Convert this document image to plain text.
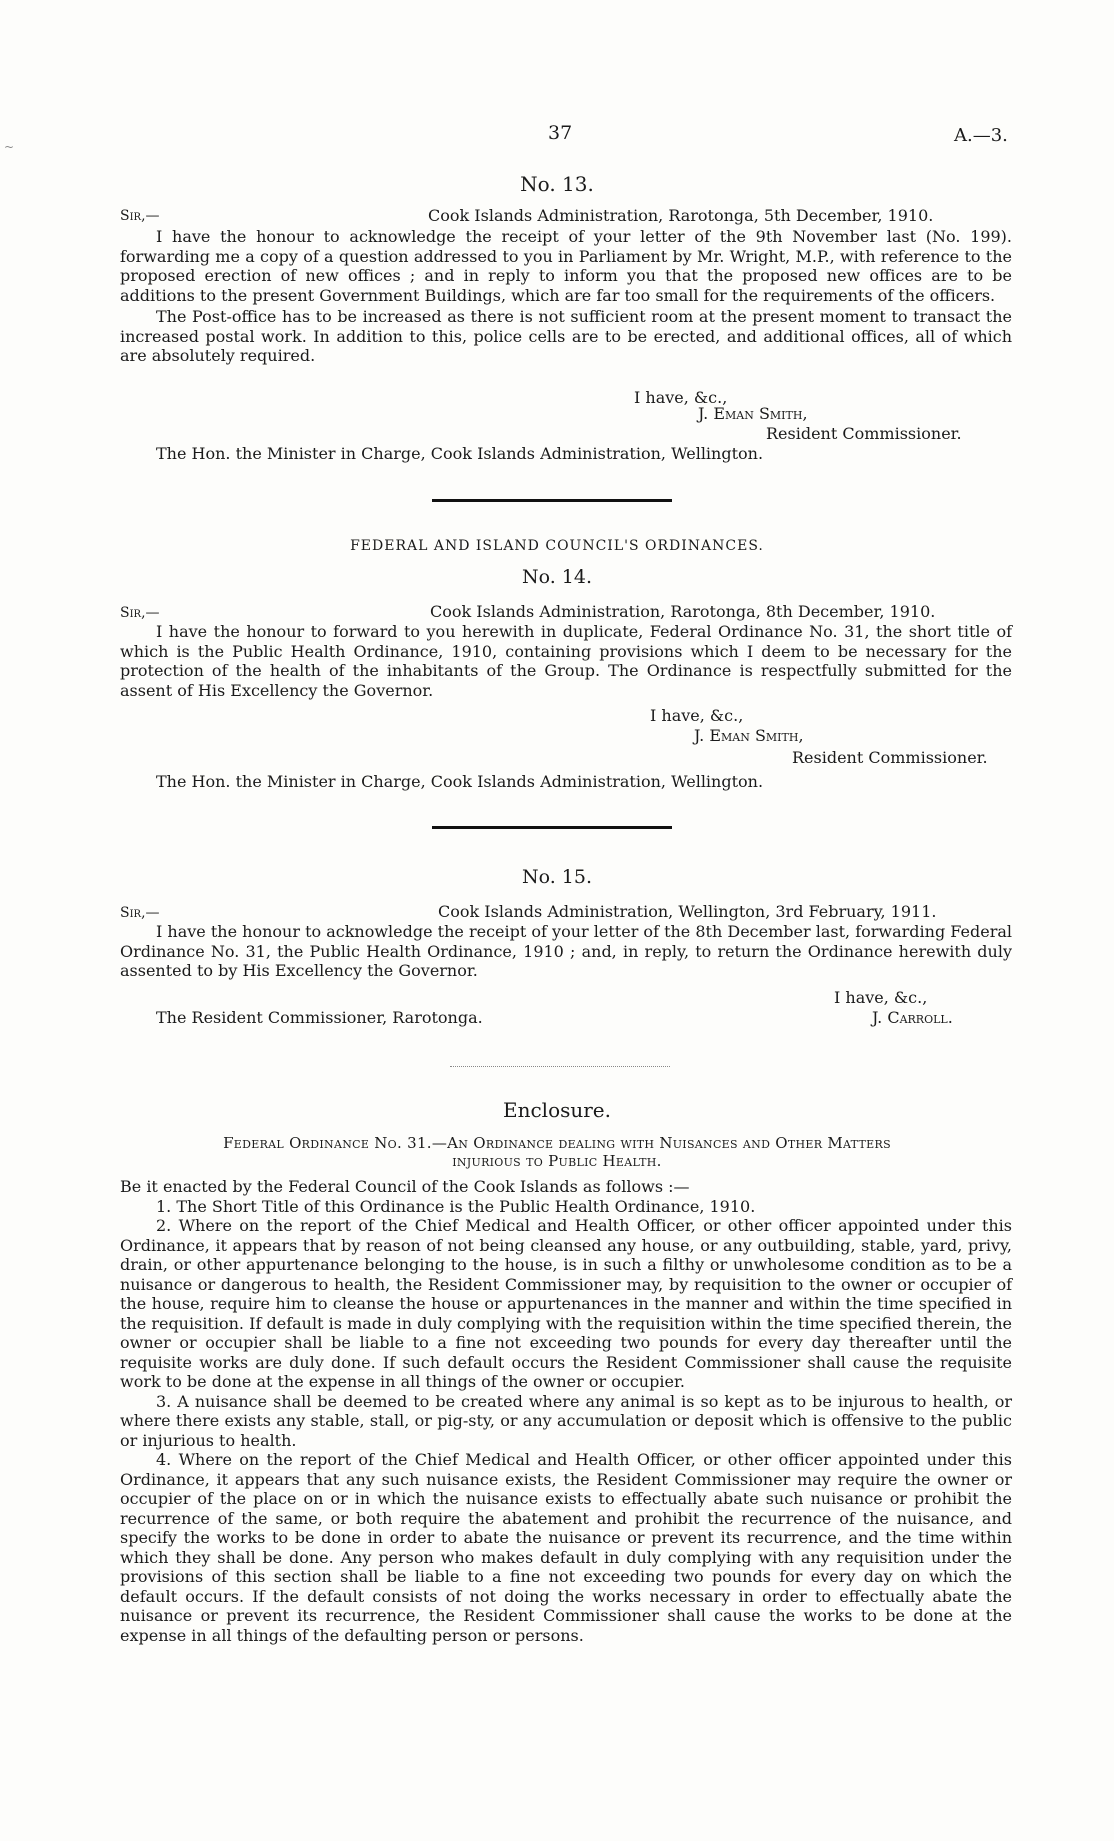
37	A.—3.
~
No. 13.
Sir,—	Cook Islands Administration, Rarotonga, 5th December, 1910.

I have the honour to acknowledge the receipt of your letter of the 9th November last (No. 199). forwarding me a copy of a question addressed to you in Parliament by Mr. Wright, M.P., with reference to the proposed erection of new offices ; and in reply to inform you that the proposed new offices are to be additions to the present Government Buildings, which are far too small for the requirements of the officers.

The Post-office has to be increased as there is not sufficient room at the present moment to transact the increased postal work. In addition to this, police cells are to be erected, and additional offices, all of which are absolutely required.

I have, &c.,
J. Eman Smith,
Resident Commissioner.
The Hon. the Minister in Charge, Cook Islands Administration, Wellington.
FEDERAL AND ISLAND COUNCIL'S ORDINANCES.
No. 14.
Sir,—	Cook Islands Administration, Rarotonga, 8th December, 1910.

I have the honour to forward to you herewith in duplicate, Federal Ordinance No. 31, the short title of which is the Public Health Ordinance, 1910, containing provisions which I deem to be necessary for the protection of the health of the inhabitants of the Group. The Ordinance is respectfully submitted for the assent of His Excellency the Governor.

I have, &c.,
J. Eman Smith,
Resident Commissioner.
The Hon. the Minister in Charge, Cook Islands Administration, Wellington.
No. 15.
Sir,—	Cook Islands Administration, Wellington, 3rd February, 1911.

I have the honour to acknowledge the receipt of your letter of the 8th December last, forwarding Federal Ordinance No. 31, the Public Health Ordinance, 1910 ; and, in reply, to return the Ordinance herewith duly assented to by His Excellency the Governor.

I have, &c.,
J. Carroll.
The Resident Commissioner, Rarotonga.
Enclosure.
Federal Ordinance No. 31.—An Ordinance dealing with Nuisances and Other Matters
injurious to Public Health.

Be it enacted by the Federal Council of the Cook Islands as follows :—

1. The Short Title of this Ordinance is the Public Health Ordinance, 1910.

2. Where on the report of the Chief Medical and Health Officer, or other officer appointed under this Ordinance, it appears that by reason of not being cleansed any house, or any outbuilding, stable, yard, privy, drain, or other appurtenance belonging to the house, is in such a filthy or unwholesome condition as to be a nuisance or dangerous to health, the Resident Commissioner may, by requisition to the owner or occupier of the house, require him to cleanse the house or appurtenances in the manner and within the time specified in the requisition. If default is made in duly complying with the requisition within the time specified therein, the owner or occupier shall be liable to a fine not exceeding two pounds for every day thereafter until the requisite works are duly done. If such default occurs the Resident Commissioner shall cause the requisite work to be done at the expense in all things of the owner or occupier.

3. A nuisance shall be deemed to be created where any animal is so kept as to be injurous to health, or where there exists any stable, stall, or pig-sty, or any accumulation or deposit which is offensive to the public or injurious to health.

4. Where on the report of the Chief Medical and Health Officer, or other officer appointed under this Ordinance, it appears that any such nuisance exists, the Resident Commissioner may require the owner or occupier of the place on or in which the nuisance exists to effectually abate such nuisance or prohibit the recurrence of the same, or both require the abatement and prohibit the recurrence of the nuisance, and specify the works to be done in order to abate the nuisance or prevent its recurrence, and the time within which they shall be done. Any person who makes default in duly complying with any requisition under the provisions of this section shall be liable to a fine not exceeding two pounds for every day on which the default occurs. If the default consists of not doing the works necessary in order to effectually abate the nuisance or prevent its recurrence, the Resident Commissioner shall cause the works to be done at the expense in all things of the defaulting person or persons.
